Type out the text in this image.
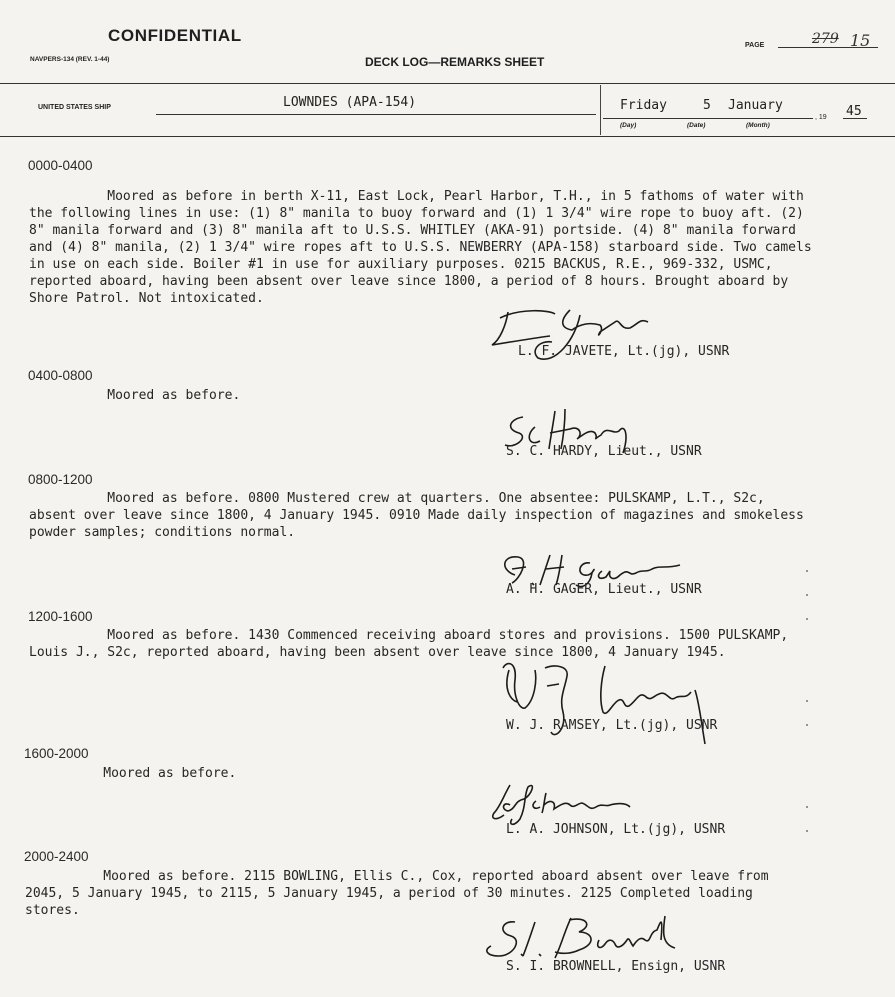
CONFIDENTIAL
NAVPERS-134 (REV. 1-44)	DECK LOG—REMARKS SHEET
PAGE	279 15
UNITED STATES SHIP	LOWNDES (APA-154)	Friday	5 January
(Day)	(Date)	(Month)
, 19 45
0000-0400
Moored as before in berth X-11, East Lock, Pearl Harbor, T.H., in 5 fathoms of water with
the following lines in use: (1) 8" manila to buoy forward and (1) 1 3/4" wire rope to buoy aft. (2)
8" manila forward and (3) 8" manila aft to U.S.S. WHITLEY (AKA-91) portside. (4) 8" manila forward
and (4) 8" manila, (2) 1 3/4" wire ropes aft to U.S.S. NEWBERRY (APA-158) starboard side. Two camels
in use on each side. Boiler #1 in use for auxiliary purposes. 0215 BACKUS, R.E., 969-332, USMC,
reported aboard, having been absent over leave since 1800, a period of 8 hours. Brought aboard by
Shore Patrol. Not intoxicated.
L. F. JAVETE, Lt.(jg), USNR
0400-0800
Moored as before.
S. C. HARDY, Lieut., USNR
0800-1200
Moored as before. 0800 Mustered crew at quarters. One absentee: PULSKAMP, L.T., S2c,
absent over leave since 1800, 4 January 1945. 0910 Made daily inspection of magazines and smokeless
powder samples; conditions normal.
A. H. GAGER, Lieut., USNR
1200-1600
Moored as before. 1430 Commenced receiving aboard stores and provisions. 1500 PULSKAMP,
Louis J., S2c, reported aboard, having been absent over leave since 1800, 4 January 1945.
W. J. RAMSEY, Lt.(jg), USNR
1600-2000
Moored as before.
L. A. JOHNSON, Lt.(jg), USNR
2000-2400
Moored as before. 2115 BOWLING, Ellis C., Cox, reported aboard absent over leave from
2045, 5 January 1945, to 2115, 5 January 1945, a period of 30 minutes. 2125 Completed loading
stores.
S. I. BROWNELL, Ensign, USNR
